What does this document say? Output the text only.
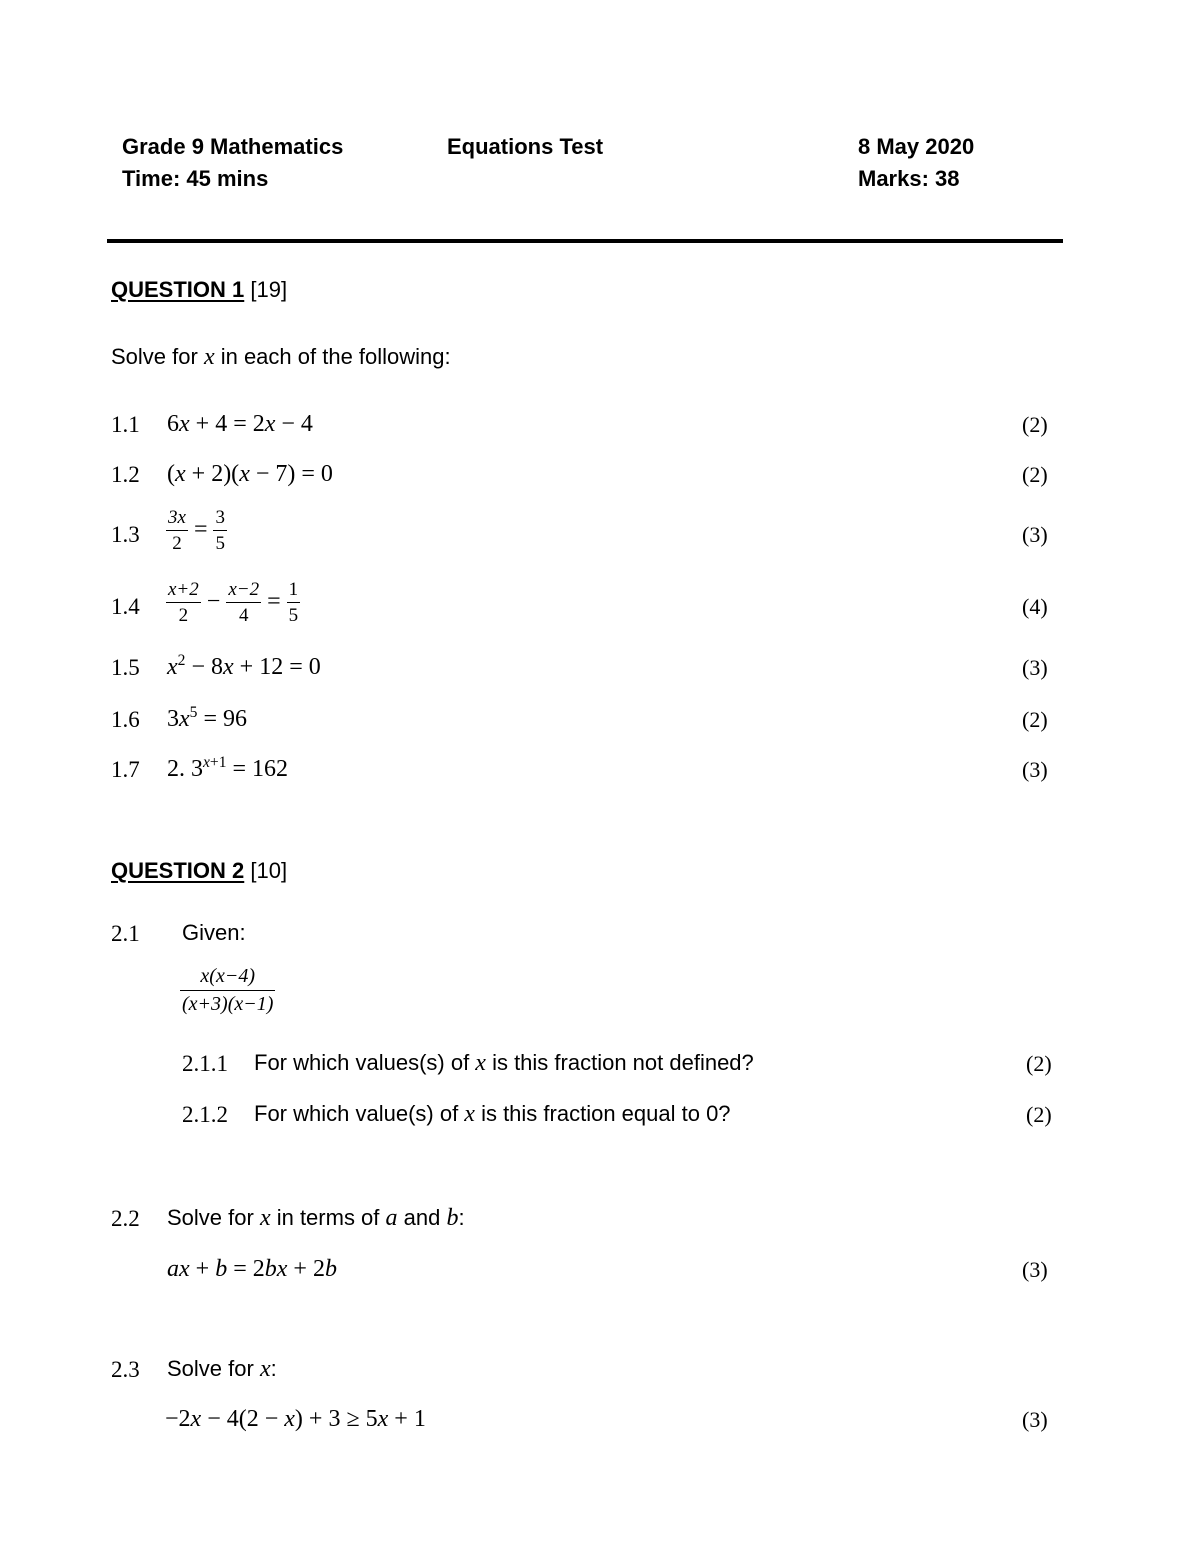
Grade 9 Mathematics	Equations Test	8 May 2020
Time: 45 mins	Marks: 38
QUESTION 1 [19]
Solve for x in each of the following:
1.1 6x + 4 = 2x − 4	(2)
1.2 (x + 2)(x − 7) = 0	(2)
$1.3 \frac{3x}{2} = \frac{3}{5}$	(3)
$1.4 \frac{x+2}{2} - \frac{x-2}{4} = \frac{1}{5}$	(4)
1.5 $x^2 - 8x + 12 = 0$	(3)
1.6 $3x^5 = 96$	(2)
1.7 2. $3^{x+1} = 162$	(3)
QUESTION 2 [10]
2.1 Given:
$\frac{x(x-4)}{(x+3)(x-1)}$
2.1.1 For which values(s) of x is this fraction not defined?	(2)
2.1.2 For which value(s) of x is this fraction equal to 0?	(2)
2.2 Solve for x in terms of a and b:
ax + b = 2bx + 2b	(3)
2.3 Solve for x:
−2x − 4(2 − x) + 3 ≥ 5x + 1	(3)
